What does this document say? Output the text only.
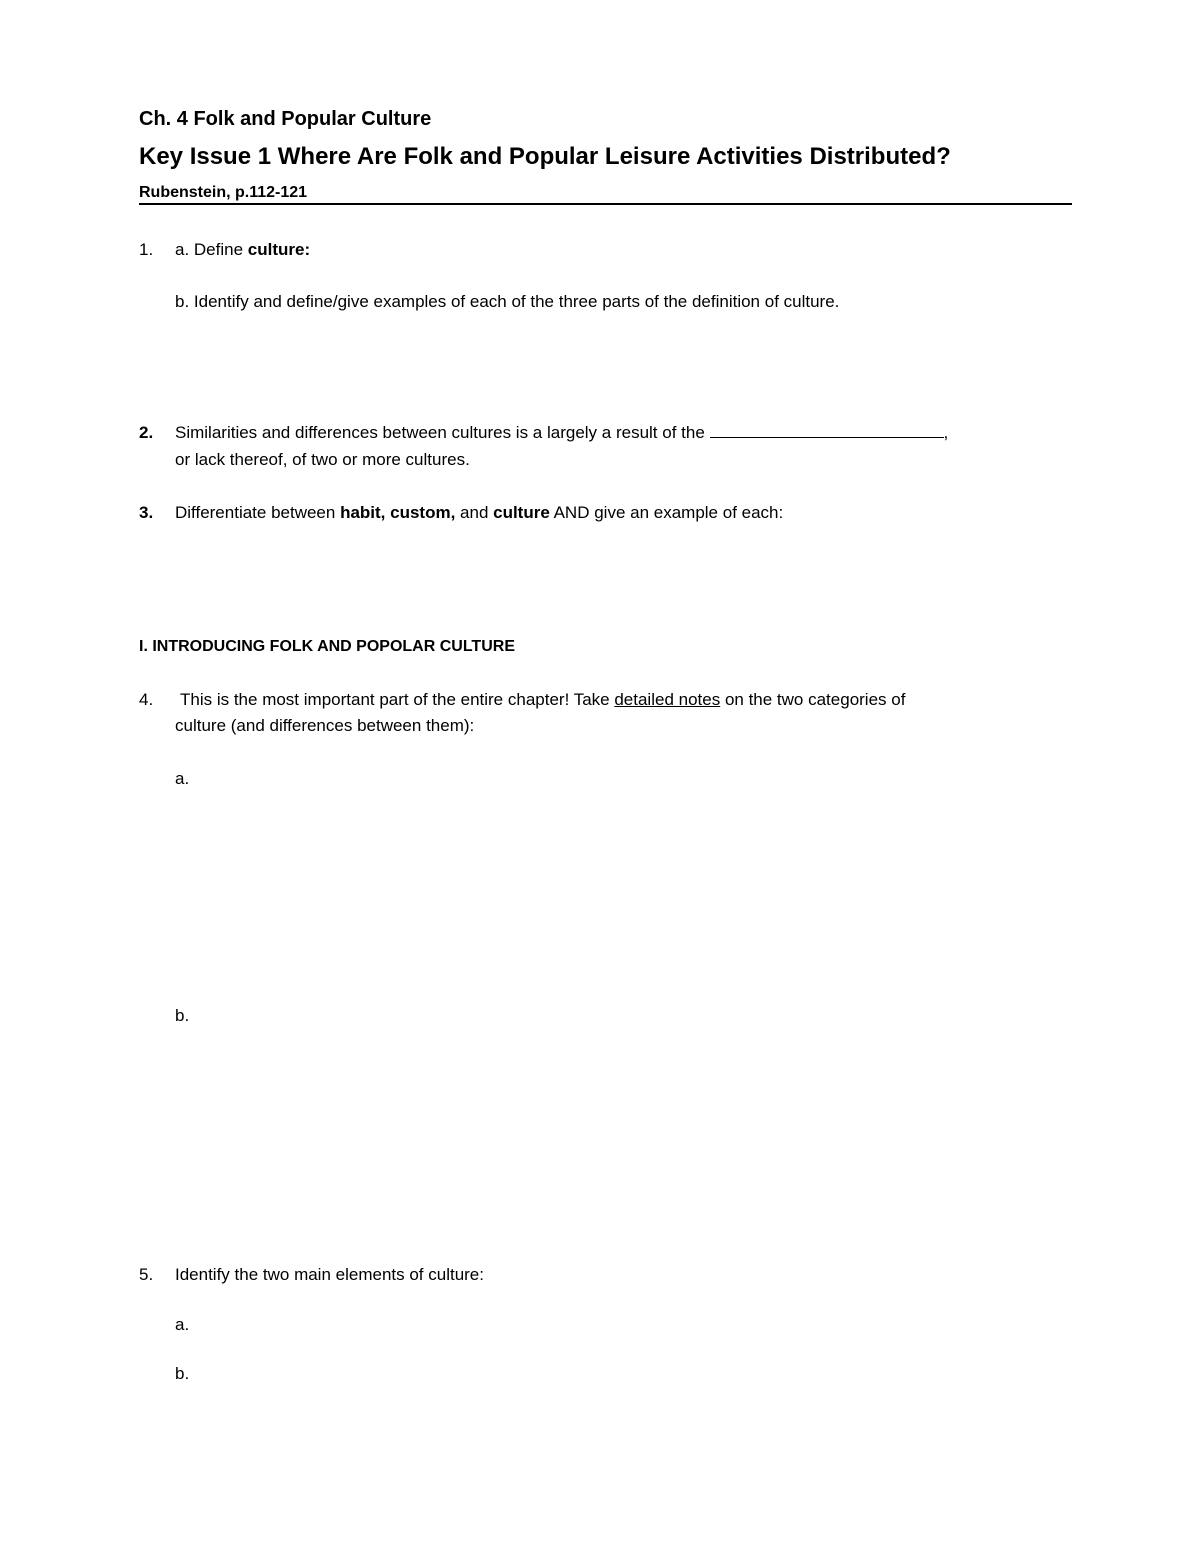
Ch. 4 Folk and Popular Culture
Key Issue 1 Where Are Folk and Popular Leisure Activities Distributed?
Rubenstein, p.112-121
1. a. Define culture:
b. Identify and define/give examples of each of the three parts of the definition of culture.
2. Similarities and differences between cultures is a largely a result of the	,
or lack thereof, of two or more cultures.
3. Differentiate between habit, custom, and culture AND give an example of each:
I. INTRODUCING FOLK AND POPOLAR CULTURE
4. This is the most important part of the entire chapter! Take detailed notes on the two categories of
culture (and differences between them):
a.
b.
5. Identify the two main elements of culture:
a.
b.
